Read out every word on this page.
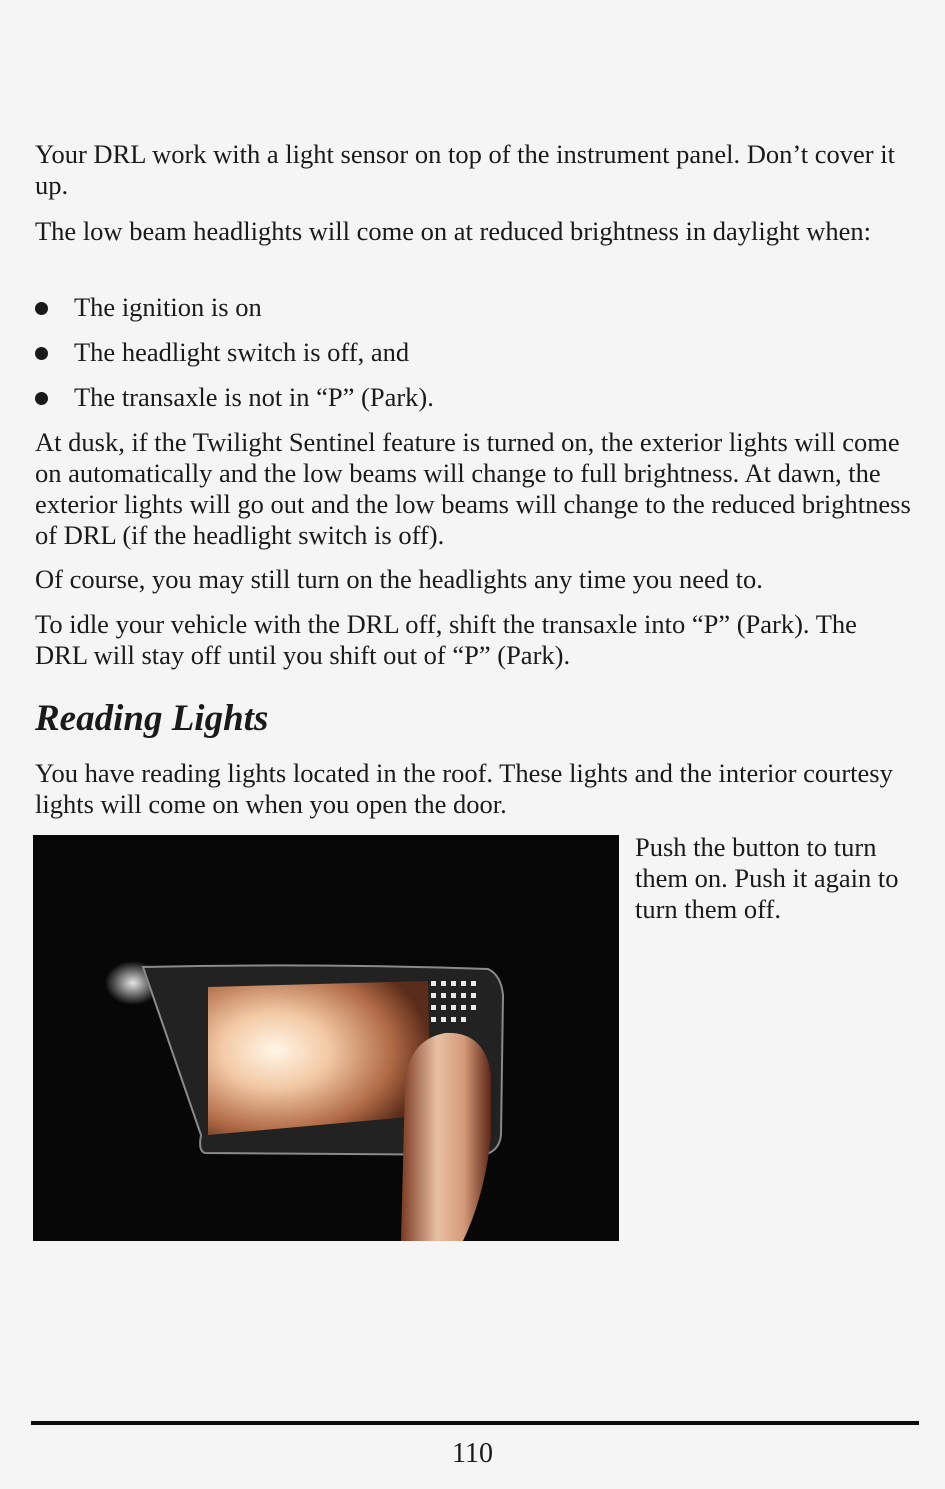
Your DRL work with a light sensor on top of the instrument panel. Don’t cover it up.

The low beam headlights will come on at reduced brightness in daylight when:

The ignition is on
The headlight switch is off, and
The transaxle is not in “P” (Park).

At dusk, if the Twilight Sentinel feature is turned on, the exterior lights will come on automatically and the low beams will change to full brightness. At dawn, the exterior lights will go out and the low beams will change to the reduced brightness of DRL (if the headlight switch is off).

Of course, you may still turn on the headlights any time you need to.

To idle your vehicle with the DRL off, shift the transaxle into “P” (Park). The DRL will stay off until you shift out of “P” (Park).

Reading Lights

You have reading lights located in the roof. These lights and the interior courtesy lights will come on when you open the door.

Push the button to turn them on. Push it again to turn them off.

110
